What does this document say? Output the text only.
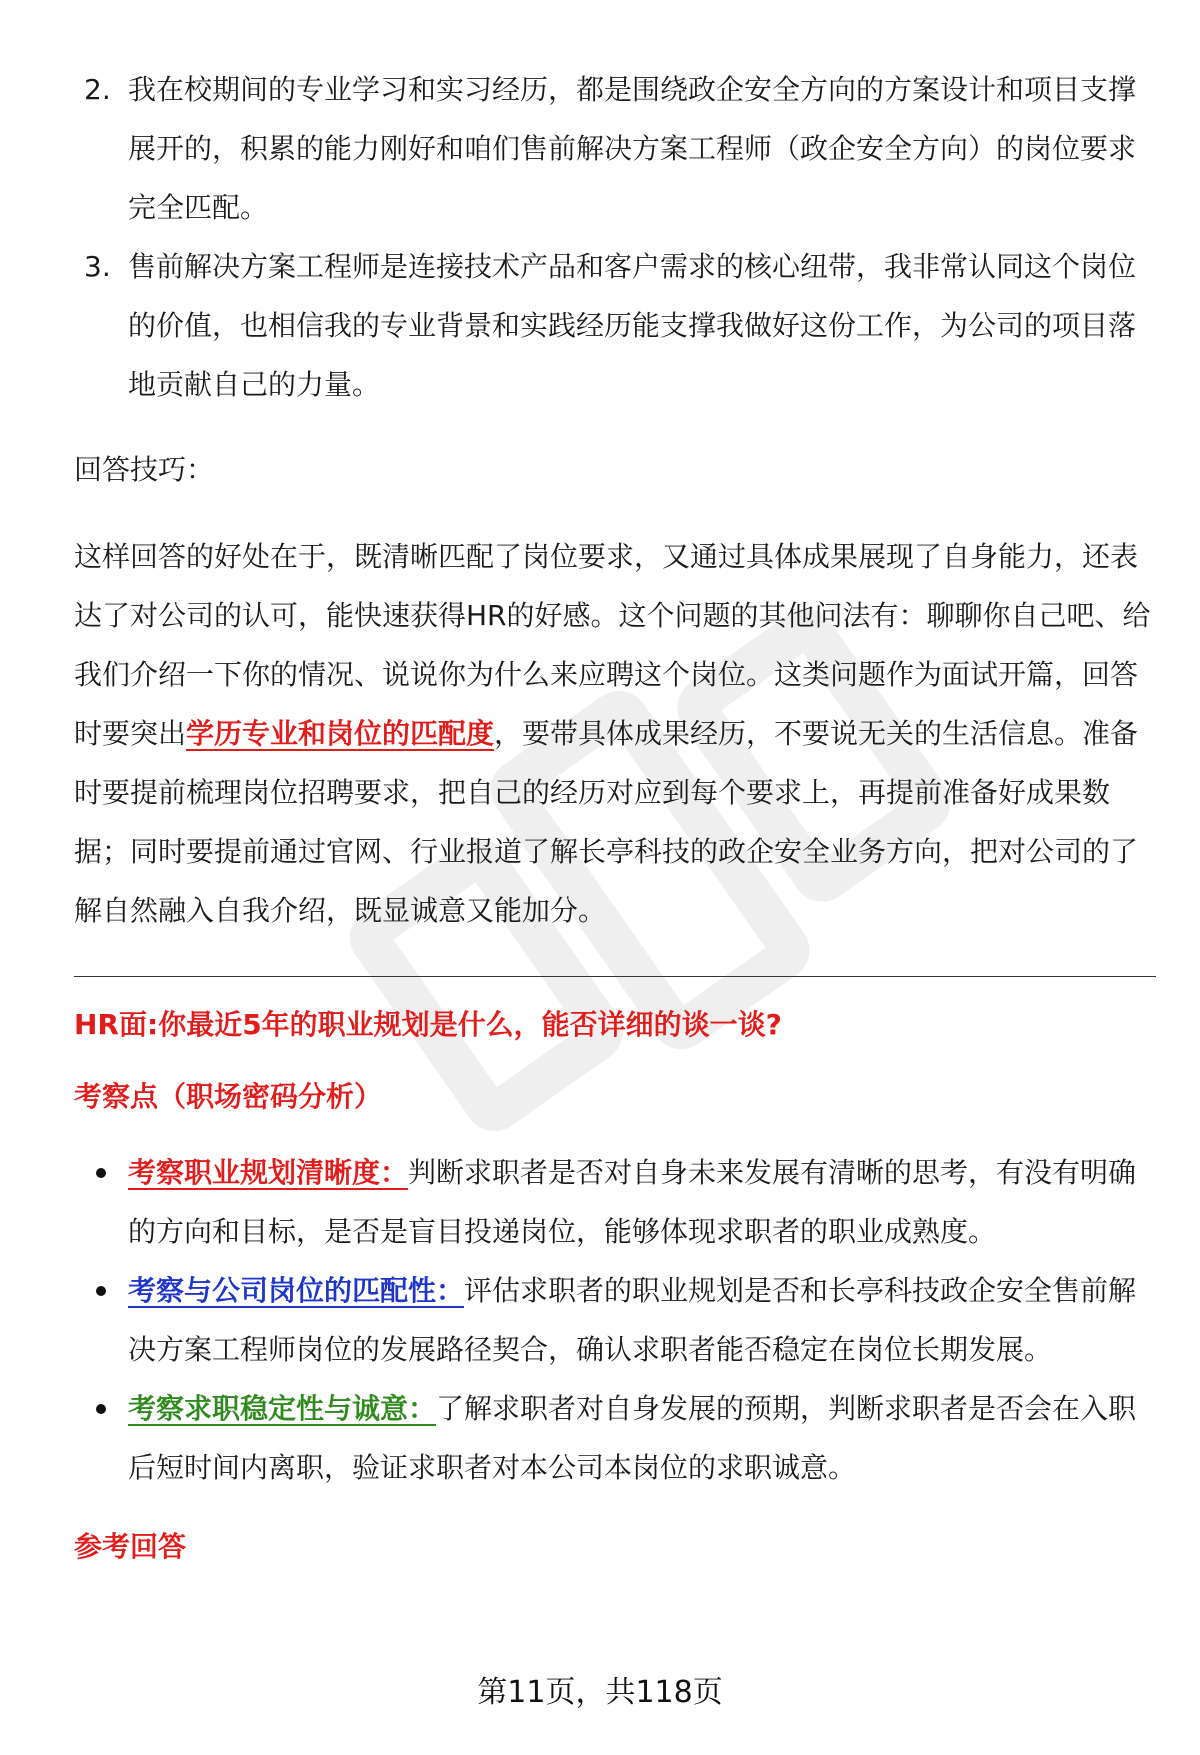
2. 我在校期间的专业学习和实习经历，都是围绕政企安全方向的方案设计和项目支撑展开的，积累的能力刚好和咱们售前解决方案工程师（政企安全方向）的岗位要求完全匹配。
3. 售前解决方案工程师是连接技术产品和客户需求的核心纽带，我非常认同这个岗位的价值，也相信我的专业背景和实践经历能支撑我做好这份工作，为公司的项目落地贡献自己的力量。
回答技巧：

这样回答的好处在于，既清晰匹配了岗位要求，又通过具体成果展现了自身能力，还表达了对公司的认可，能快速获得HR的好感。这个问题的其他问法有：聊聊你自己吧、给我们介绍一下你的情况、说说你为什么来应聘这个岗位。这类问题作为面试开篇，回答时要突出学历专业和岗位的匹配度，要带具体成果经历，不要说无关的生活信息。准备时要提前梳理岗位招聘要求，把自己的经历对应到每个要求上，再提前准备好成果数据；同时要提前通过官网、行业报道了解长亭科技的政企安全业务方向，把对公司的了解自然融入自我介绍，既显诚意又能加分。

HR面:你最近5年的职业规划是什么，能否详细的谈一谈?
考察点（职场密码分析）
考察职业规划清晰度：判断求职者是否对自身未来发展有清晰的思考，有没有明确的方向和目标，是否是盲目投递岗位，能够体现求职者的职业成熟度。
考察与公司岗位的匹配性：评估求职者的职业规划是否和长亭科技政企安全售前解决方案工程师岗位的发展路径契合，确认求职者能否稳定在岗位长期发展。
考察求职稳定性与诚意：了解求职者对自身发展的预期，判断求职者是否会在入职后短时间内离职，验证求职者对本公司本岗位的求职诚意。
参考回答
第11页，共118页
